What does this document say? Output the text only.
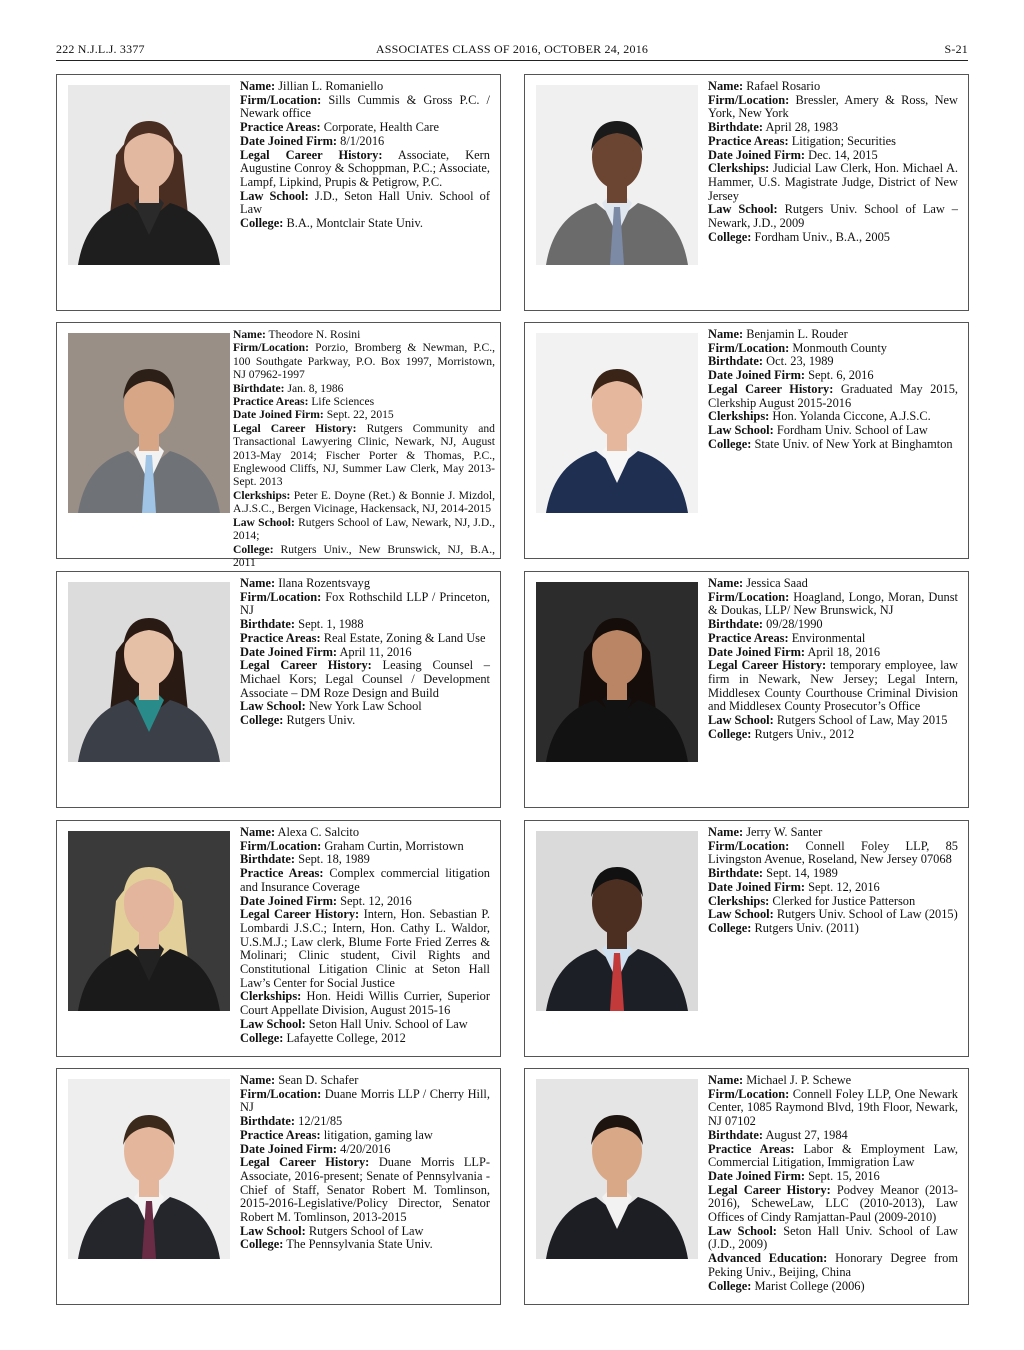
222 N.J.L.J. 3377	ASSOCIATES CLASS OF 2016, OCTOBER 24, 2016	S-21
Name: Jillian L. Romaniello
Firm/Location: Sills Cummis & Gross P.C. / Newark office
Practice Areas: Corporate, Health Care
Date Joined Firm: 8/1/2016
Legal Career History: Associate, Kern Augustine Conroy & Schoppman, P.C.; Associate, Lampf, Lipkind, Prupis & Petigrow, P.C.
Law School: J.D., Seton Hall Univ. School of Law
College: B.A., Montclair State Univ.
Name: Rafael Rosario
Firm/Location: Bressler, Amery & Ross, New York, New York
Birthdate: April 28, 1983
Practice Areas: Litigation; Securities
Date Joined Firm: Dec. 14, 2015
Clerkships: Judicial Law Clerk, Hon. Michael A. Hammer, U.S. Magistrate Judge, District of New Jersey
Law School: Rutgers Univ. School of Law – Newark, J.D., 2009
College: Fordham Univ., B.A., 2005
Name: Theodore N. Rosini
Firm/Location: Porzio, Bromberg & Newman, P.C., 100 Southgate Parkway, P.O. Box 1997, Morristown, NJ 07962-1997
Birthdate: Jan. 8, 1986
Practice Areas: Life Sciences
Date Joined Firm: Sept. 22, 2015
Legal Career History: Rutgers Community and Transactional Lawyering Clinic, Newark, NJ, August 2013-May 2014; Fischer Porter & Thomas, P.C., Englewood Cliffs, NJ, Summer Law Clerk, May 2013-Sept. 2013
Clerkships: Peter E. Doyne (Ret.) & Bonnie J. Mizdol, A.J.S.C., Bergen Vicinage, Hackensack, NJ, 2014-2015
Law School: Rutgers School of Law, Newark, NJ, J.D., 2014;
College: Rutgers Univ., New Brunswick, NJ, B.A., 2011
Name: Benjamin L. Rouder
Firm/Location: Monmouth County
Birthdate: Oct. 23, 1989
Date Joined Firm: Sept. 6, 2016
Legal Career History: Graduated May 2015, Clerkship August 2015-2016
Clerkships: Hon. Yolanda Ciccone, A.J.S.C.
Law School: Fordham Univ. School of Law
College: State Univ. of New York at Binghamton
Name: Ilana Rozentsvayg
Firm/Location: Fox Rothschild LLP / Princeton, NJ
Birthdate: Sept. 1, 1988
Practice Areas: Real Estate, Zoning & Land Use
Date Joined Firm: April 11, 2016
Legal Career History: Leasing Counsel – Michael Kors; Legal Counsel / Development Associate – DM Roze Design and Build
Law School: New York Law School
College: Rutgers Univ.
Name: Jessica Saad
Firm/Location: Hoagland, Longo, Moran, Dunst & Doukas, LLP/ New Brunswick, NJ
Birthdate: 09/28/1990
Practice Areas: Environmental
Date Joined Firm: April 18, 2016
Legal Career History: temporary employee, law firm in Newark, New Jersey; Legal Intern, Middlesex County Courthouse Criminal Division and Middlesex County Prosecutor’s Office
Law School: Rutgers School of Law, May 2015
College: Rutgers Univ., 2012
Name: Alexa C. Salcito
Firm/Location: Graham Curtin, Morristown
Birthdate: Sept. 18, 1989
Practice Areas: Complex commercial litigation and Insurance Coverage
Date Joined Firm: Sept. 12, 2016
Legal Career History: Intern, Hon. Sebastian P. Lombardi J.S.C.; Intern, Hon. Cathy L. Waldor, U.S.M.J.; Law clerk, Blume Forte Fried Zerres & Molinari; Clinic student, Civil Rights and Constitutional Litigation Clinic at Seton Hall Law’s Center for Social Justice
Clerkships: Hon. Heidi Willis Currier, Superior Court Appellate Division, August 2015-16
Law School: Seton Hall Univ. School of Law
College: Lafayette College, 2012
Name: Jerry W. Santer
Firm/Location: Connell Foley LLP, 85 Livingston Avenue, Roseland, New Jersey 07068
Birthdate: Sept. 14, 1989
Date Joined Firm: Sept. 12, 2016
Clerkships: Clerked for Justice Patterson
Law School: Rutgers Univ. School of Law (2015)
College: Rutgers Univ. (2011)
Name: Sean D. Schafer
Firm/Location: Duane Morris LLP / Cherry Hill, NJ
Birthdate: 12/21/85
Practice Areas: litigation, gaming law
Date Joined Firm: 4/20/2016
Legal Career History: Duane Morris LLP-Associate, 2016-present; Senate of Pennsylvania - Chief of Staff, Senator Robert M. Tomlinson, 2015-2016-Legislative/Policy Director, Senator Robert M. Tomlinson, 2013-2015
Law School: Rutgers School of Law
College: The Pennsylvania State Univ.
Name: Michael J. P. Schewe
Firm/Location: Connell Foley LLP, One Newark Center, 1085 Raymond Blvd, 19th Floor, Newark, NJ 07102
Birthdate: August 27, 1984
Practice Areas: Labor & Employment Law, Commercial Litigation, Immigration Law
Date Joined Firm: Sept. 15, 2016
Legal Career History: Podvey Meanor (2013-2016), ScheweLaw, LLC (2010-2013), Law Offices of Cindy Ramjattan-Paul (2009-2010)
Law School: Seton Hall Univ. School of Law (J.D., 2009)
Advanced Education: Honorary Degree from Peking Univ., Beijing, China
College: Marist College (2006)
